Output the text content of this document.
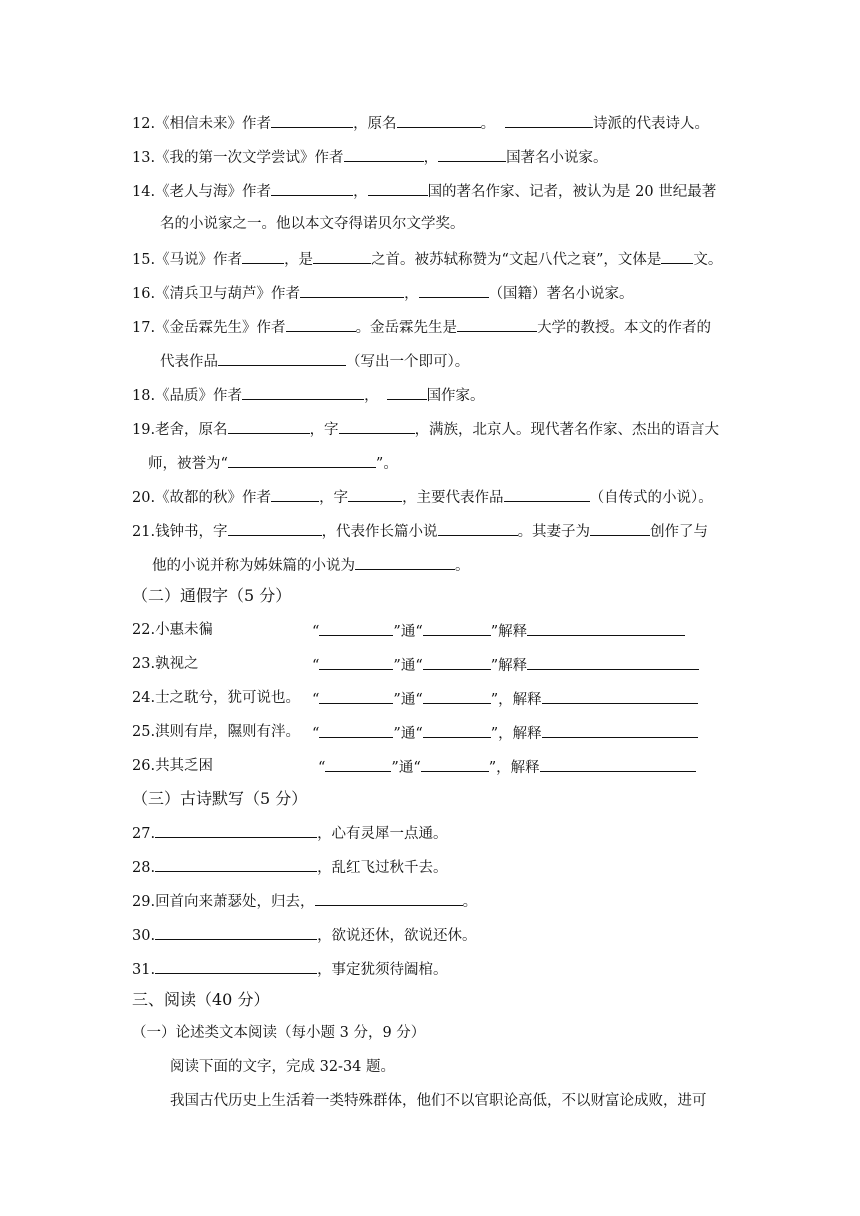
12.《相信未来》作者	，原名	。	诗派的代表诗人。
13.《我的第一次文学尝试》作者	，	国著名小说家。
14.《老人与海》作者	，	国的著名作家、记者，被认为是 20 世纪最著
名的小说家之一。他以本文夺得诺贝尔文学奖。
15.《马说》作者	，是	之首。被苏轼称赞为“文起八代之衰”，文体是 文。
16.《清兵卫与葫芦》作者	，	（国籍）著名小说家。
17.《金岳霖先生》作者	。金岳霖先生是	大学的教授。本文的作者的
代表作品	（写出一个即可）。
18.《品质》作者	，	国作家。
19.老舍，原名	，字	，满族，北京人。现代著名作家、杰出的语言大
师，被誉为“	”。
20.《故都的秋》作者	，字	，主要代表作品	（自传式的小说）。
21.钱钟书，字	，代表作长篇小说	。其妻子为	创作了与
他的小说并称为姊妹篇的小说为	。
（二）通假字（5 分）
22.小惠未徧	“	”通“	”解释
23.孰视之	“	”通“	”解释
24.士之耽兮，犹可说也。 “	”通“	”，解释
25.淇则有岸，隰则有泮。 “	”通“	”，解释
26.共其乏困	“	”通“	”，解释
（三）古诗默写（5 分）
27.	，心有灵犀一点通。
28.	，乱红飞过秋千去。
29.回首向来萧瑟处，归去，	。
30.	，欲说还休，欲说还休。
31.	，事定犹须待阖棺。
三、阅读（40 分）
（一）论述类文本阅读（每小题 3 分，9 分）
阅读下面的文字，完成 32-34 题。
我国古代历史上生活着一类特殊群体，他们不以官职论高低，不以财富论成败，进可
